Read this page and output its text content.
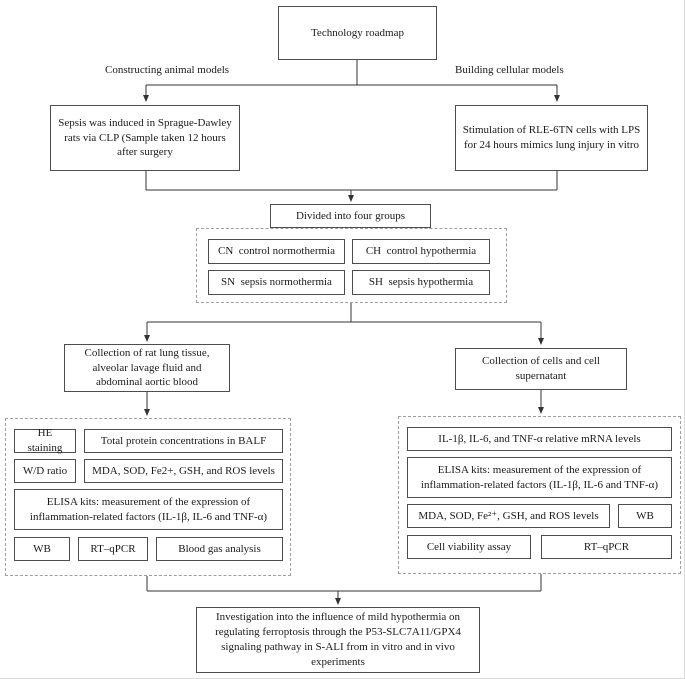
Technology roadmap
Constructing animal models	Building cellular models
Sepsis was induced in Sprague-Dawley rats via CLP (Sample taken 12 hours after surgery
Stimulation of RLE-6TN cells with LPS for 24 hours mimics lung injury in vitro
Divided into four groups
CN  control normothermia	CH  control hypothermia
SN  sepsis normothermia	SH  sepsis hypothermia
Collection of rat lung tissue, alveolar lavage fluid and abdominal aortic blood
Collection of cells and cell supernatant
HE staining
Total protein concentrations in BALF
W/D ratio	MDA, SOD, Fe2+, GSH, and ROS levels
ELISA kits: measurement of the expression of inflammation-related factors (IL-1β, IL-6 and TNF-α)
WB	RT–qPCR	Blood gas analysis
IL-1β, IL-6, and TNF-α relative mRNA levels
ELISA kits: measurement of the expression of inflammation-related factors (IL-1β, IL-6 and TNF-α)
MDA, SOD, Fe²⁺, GSH, and ROS levels	WB
Cell viability assay	RT–qPCR
Investigation into the influence of mild hypothermia on regulating ferroptosis through the P53-SLC7A11/GPX4 signaling pathway in S-ALI from in vitro and in vivo experiments
